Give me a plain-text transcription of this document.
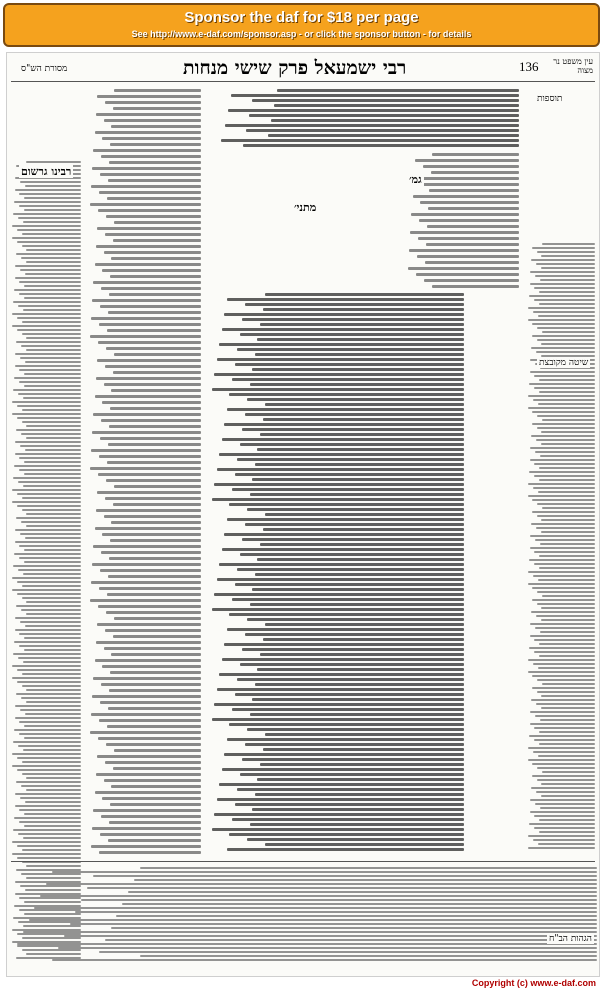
Sponsor the daf for $18 per page
See http://www.e-daf.com/sponsor.asp - or click the sponsor button - for details
מסורת הש"ס	רבי ישמעאל פרק שישי מנחות	136	עין משפט נר מצוה
רבינו גרשום
מתני׳
גמ׳
שיטה מקובצת
תוספות
הגהות הב"ח
Copyright (c) www.e-daf.com
